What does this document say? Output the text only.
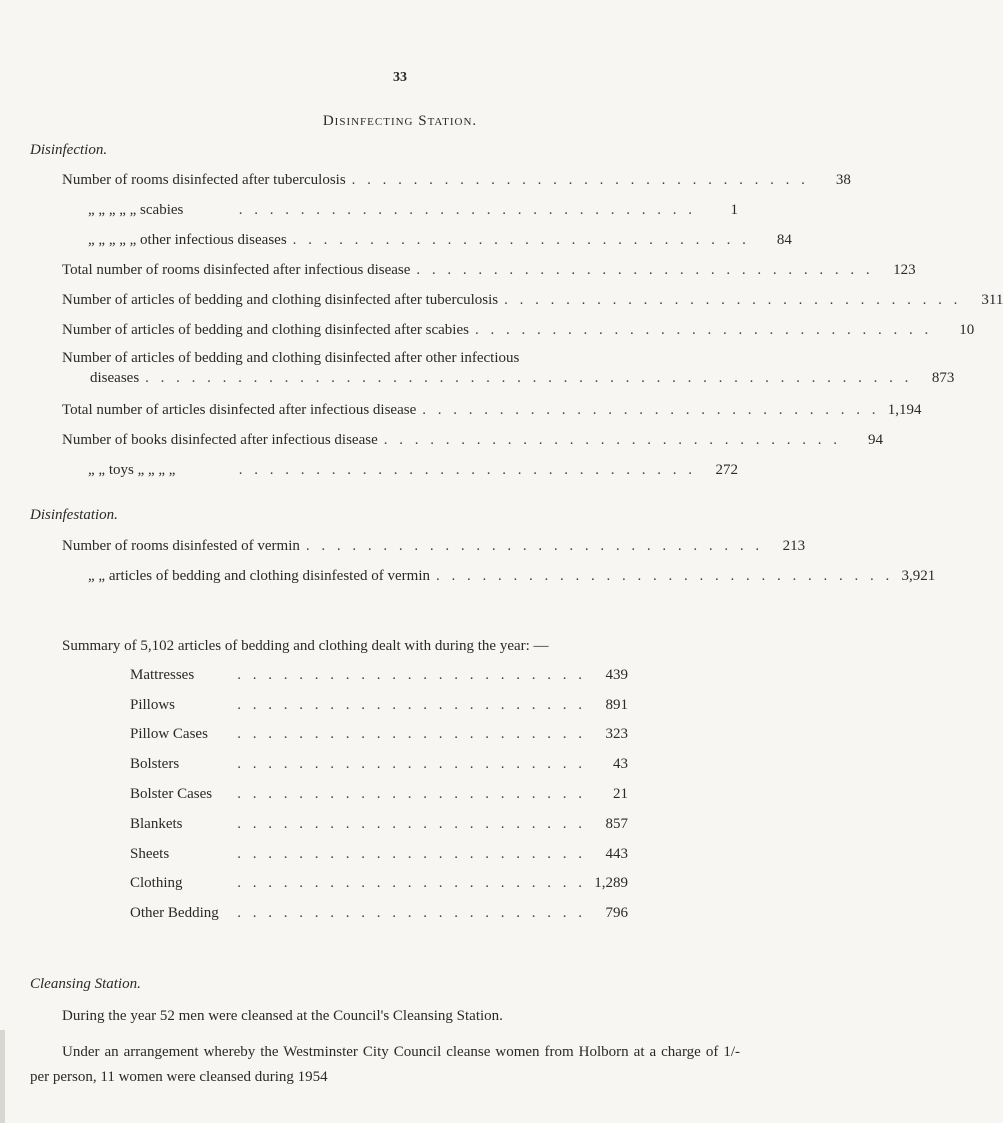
33
Disinfecting Station.
Disinfection.
Number of rooms disinfected after tuberculosis . . . . . . . . . . . . . . . . . . . . . . . . . . . . . .	38
„ „ „ „ „ scabies	. . . . . . . . . . . . . . . . . . . . . . . . . . . . . .	1
„ „ „ „ „ other infectious diseases . . . . . . . . . . . . . . . . . . . . . . . . . . . . . .	84
Total number of rooms disinfected after infectious disease . . . . . . . . . . . . . . . . . . . . . . . . . . . . . .	123
Number of articles of bedding and clothing disinfected after tuberculosis . . . . . . . . . . . . . . . . . . . . . . . . . . . . . .	311
Number of articles of bedding and clothing disinfected after scabies . . . . . . . . . . . . . . . . . . . . . . . . . . . . . .	10
Number of articles of bedding and clothing disinfected after other infectious
diseases . . . . . . . . . . . . . . . . . . . . . . . . . . . . . . . . . . . . . . . . . . . . . . . . . .	873
Total number of articles disinfected after infectious disease . . . . . . . . . . . . . . . . . . . . . . . . . . . . . . 1,194
Number of books disinfected after infectious disease . . . . . . . . . . . . . . . . . . . . . . . . . . . . . .	94
„ „ toys „ „ „ „	. . . . . . . . . . . . . . . . . . . . . . . . . . . . . .	272
Disinfestation.
Number of rooms disinfested of vermin . . . . . . . . . . . . . . . . . . . . . . . . . . . . . .	213
„ „ articles of bedding and clothing disinfested of vermin . . . . . . . . . . . . . . . . . . . . . . . . . . . . . . 3,921
Summary of 5,102 articles of bedding and clothing dealt with during the year: —
Mattresses	. . . . . . . . . . . . . . . . . . . . . . .	439
Pillows	. . . . . . . . . . . . . . . . . . . . . . .	891
Pillow Cases	. . . . . . . . . . . . . . . . . . . . . . .	323
Bolsters	. . . . . . . . . . . . . . . . . . . . . . .	43
Bolster Cases	. . . . . . . . . . . . . . . . . . . . . . .	21
Blankets	. . . . . . . . . . . . . . . . . . . . . . .	857
Sheets	. . . . . . . . . . . . . . . . . . . . . . .	443
Clothing	. . . . . . . . . . . . . . . . . . . . . . . 1,289
Other Bedding	. . . . . . . . . . . . . . . . . . . . . . .	796
Cleansing Station.
During the year 52 men were cleansed at the Council's Cleansing Station.
Under an arrangement whereby the Westminster City Council cleanse women from Holborn at a charge of 1/- per person, 11 women were cleansed during 1954
